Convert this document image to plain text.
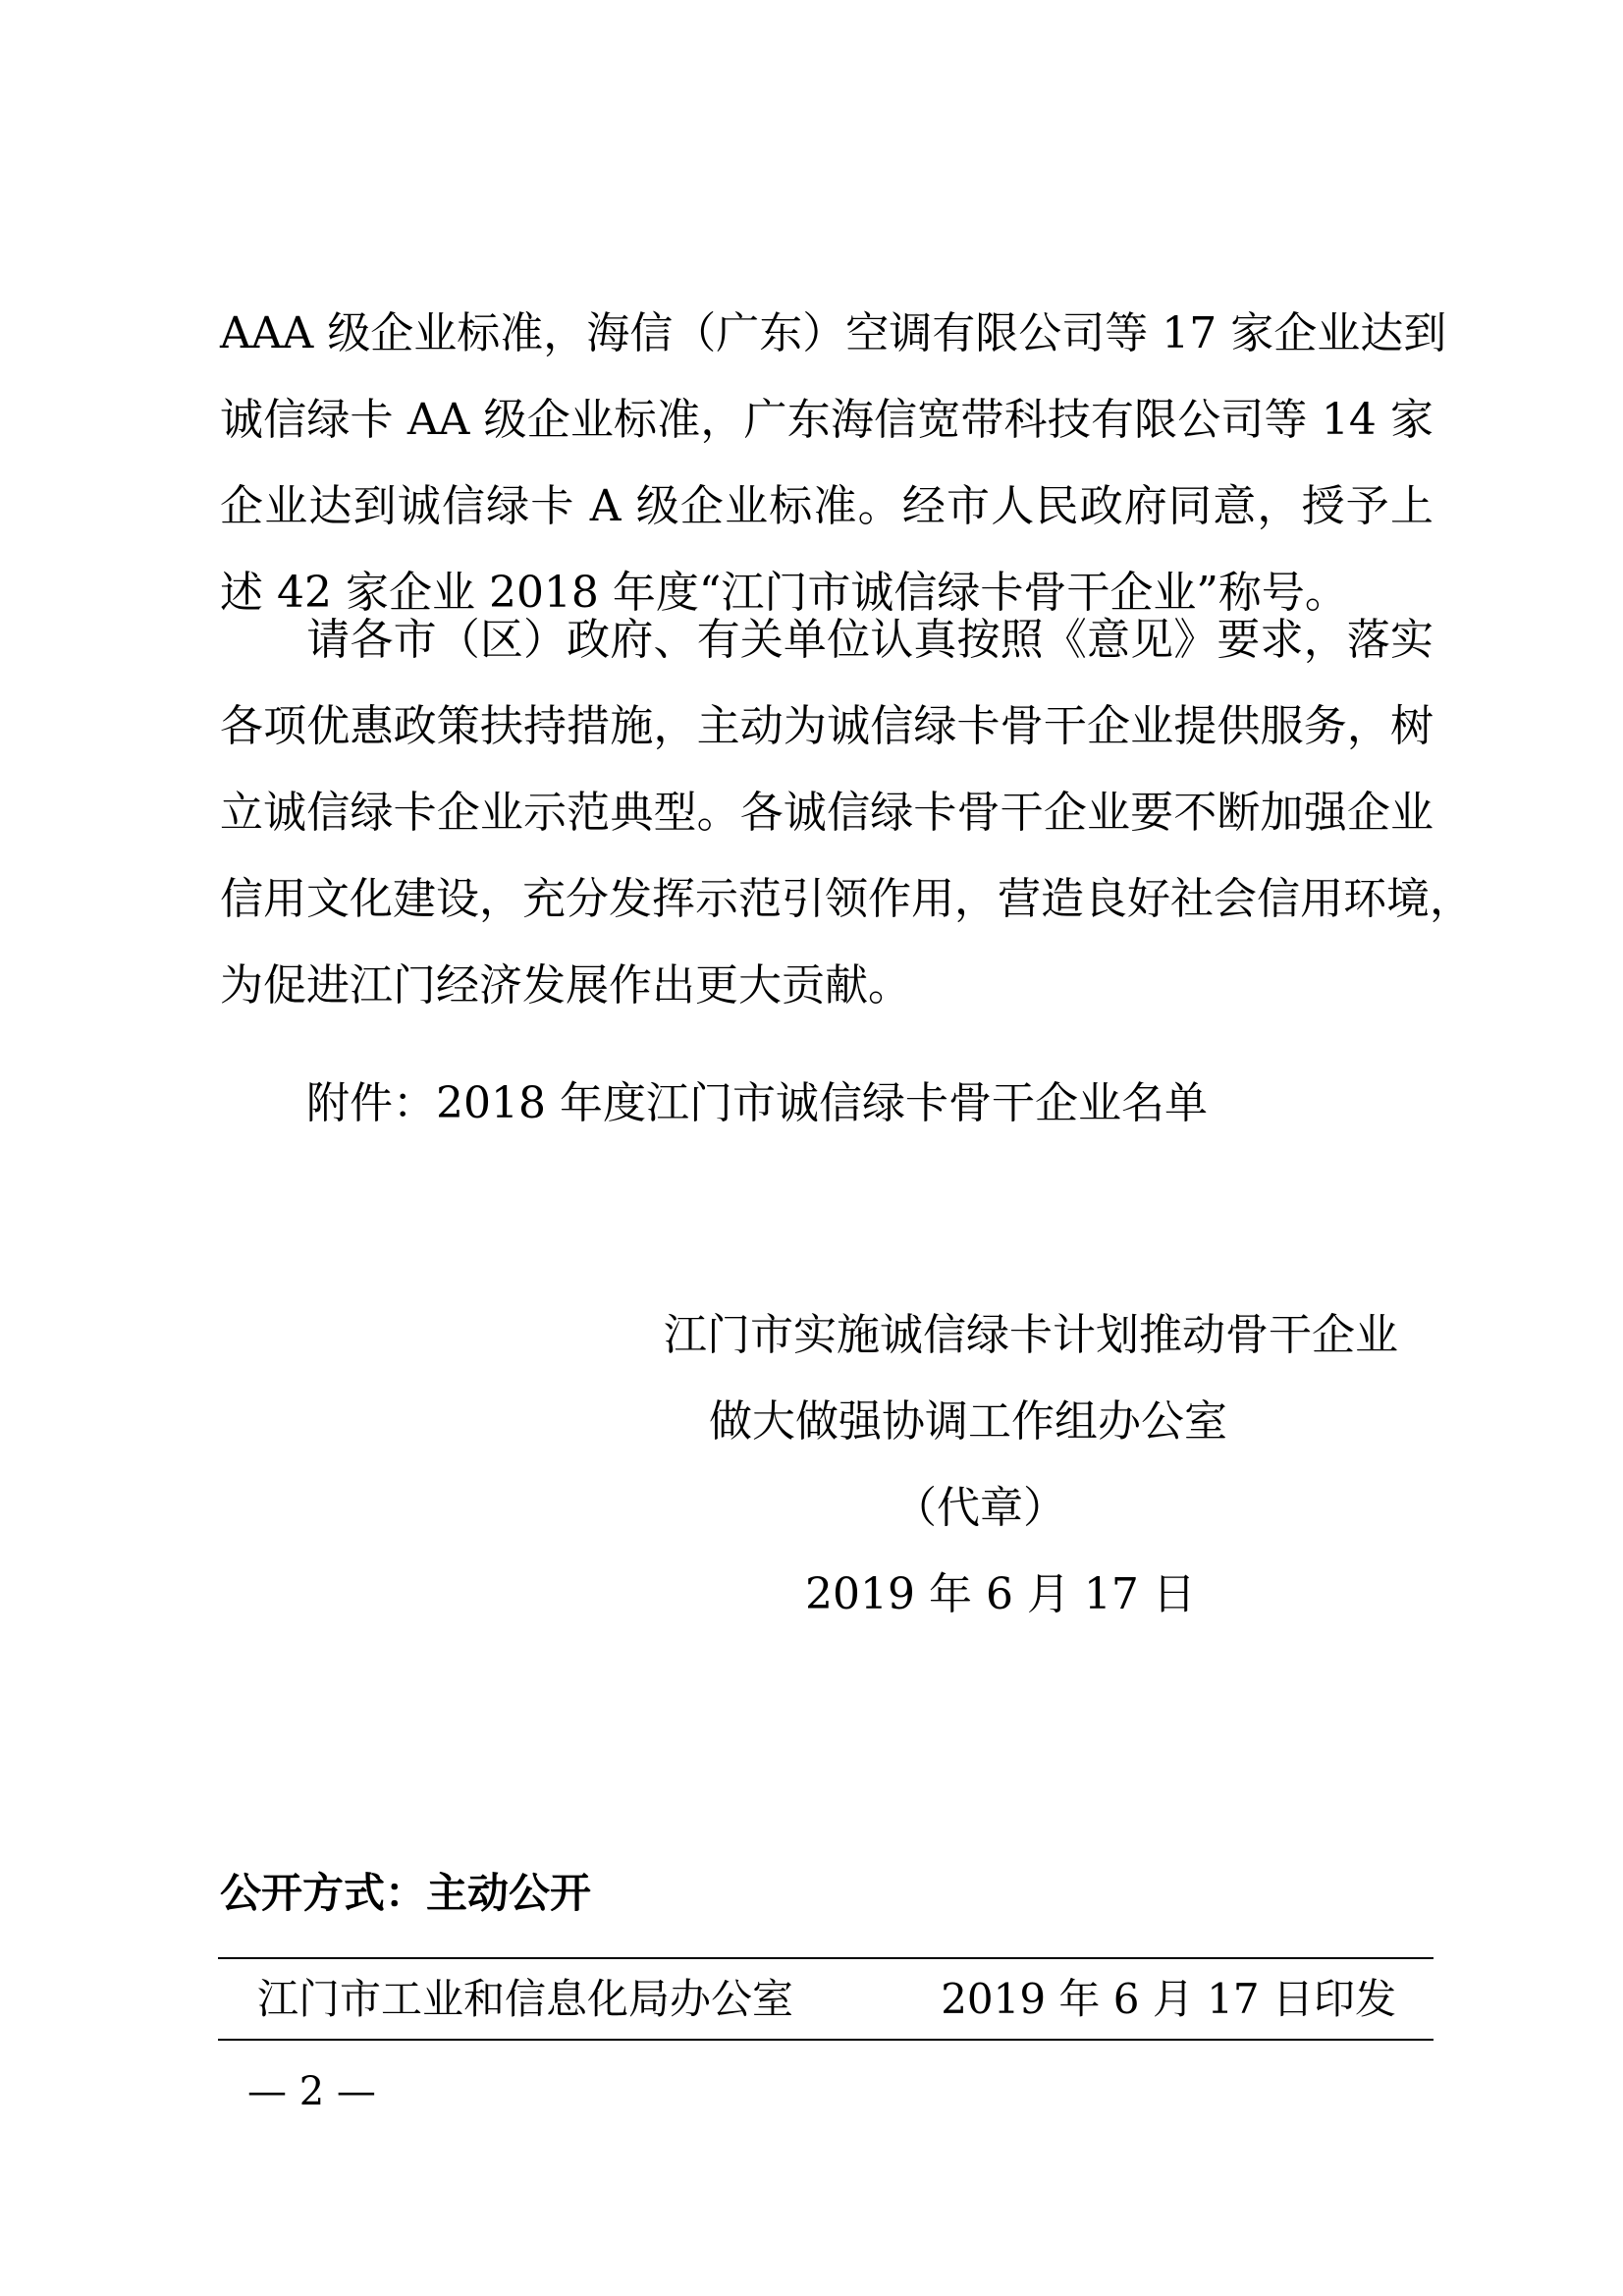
AAA 级企业标准，海信（广东）空调有限公司等 17 家企业达到
诚信绿卡 AA 级企业标准，广东海信宽带科技有限公司等 14 家
企业达到诚信绿卡 A 级企业标准。经市人民政府同意，授予上
述 42 家企业 2018 年度“江门市诚信绿卡骨干企业”称号。
　　请各市（区）政府、有关单位认真按照《意见》要求，落实
各项优惠政策扶持措施，主动为诚信绿卡骨干企业提供服务，树
立诚信绿卡企业示范典型。各诚信绿卡骨干企业要不断加强企业
信用文化建设，充分发挥示范引领作用，营造良好社会信用环境，
为促进江门经济发展作出更大贡献。

附件：2018 年度江门市诚信绿卡骨干企业名单

江门市实施诚信绿卡计划推动骨干企业
做大做强协调工作组办公室
（代章）
2019 年 6 月 17 日

公开方式：主动公开

江门市工业和信息化局办公室	2019 年 6 月 17 日印发
— 2 —
